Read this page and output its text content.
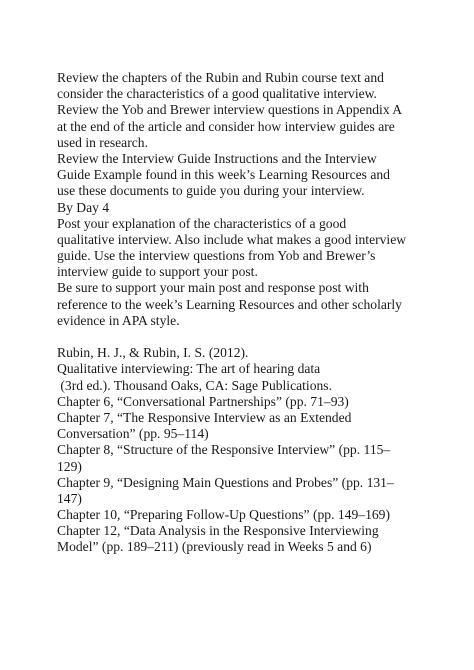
Review the chapters of the Rubin and Rubin course text and
consider the characteristics of a good qualitative interview.
Review the Yob and Brewer interview questions in Appendix A
at the end of the article and consider how interview guides are
used in research.
Review the Interview Guide Instructions and the Interview
Guide Example found in this week’s Learning Resources and
use these documents to guide you during your interview.
By Day 4
Post your explanation of the characteristics of a good
qualitative interview. Also include what makes a good interview
guide. Use the interview questions from Yob and Brewer’s
interview guide to support your post.
Be sure to support your main post and response post with
reference to the week’s Learning Resources and other scholarly
evidence in APA style.
Rubin, H. J., & Rubin, I. S. (2012).
Qualitative interviewing: The art of hearing data
(3rd ed.). Thousand Oaks, CA: Sage Publications.
Chapter 6, “Conversational Partnerships” (pp. 71–93)
Chapter 7, “The Responsive Interview as an Extended
Conversation” (pp. 95–114)
Chapter 8, “Structure of the Responsive Interview” (pp. 115–
129)
Chapter 9, “Designing Main Questions and Probes” (pp. 131–
147)
Chapter 10, “Preparing Follow-Up Questions” (pp. 149–169)
Chapter 12, “Data Analysis in the Responsive Interviewing
Model” (pp. 189–211) (previously read in Weeks 5 and 6)
